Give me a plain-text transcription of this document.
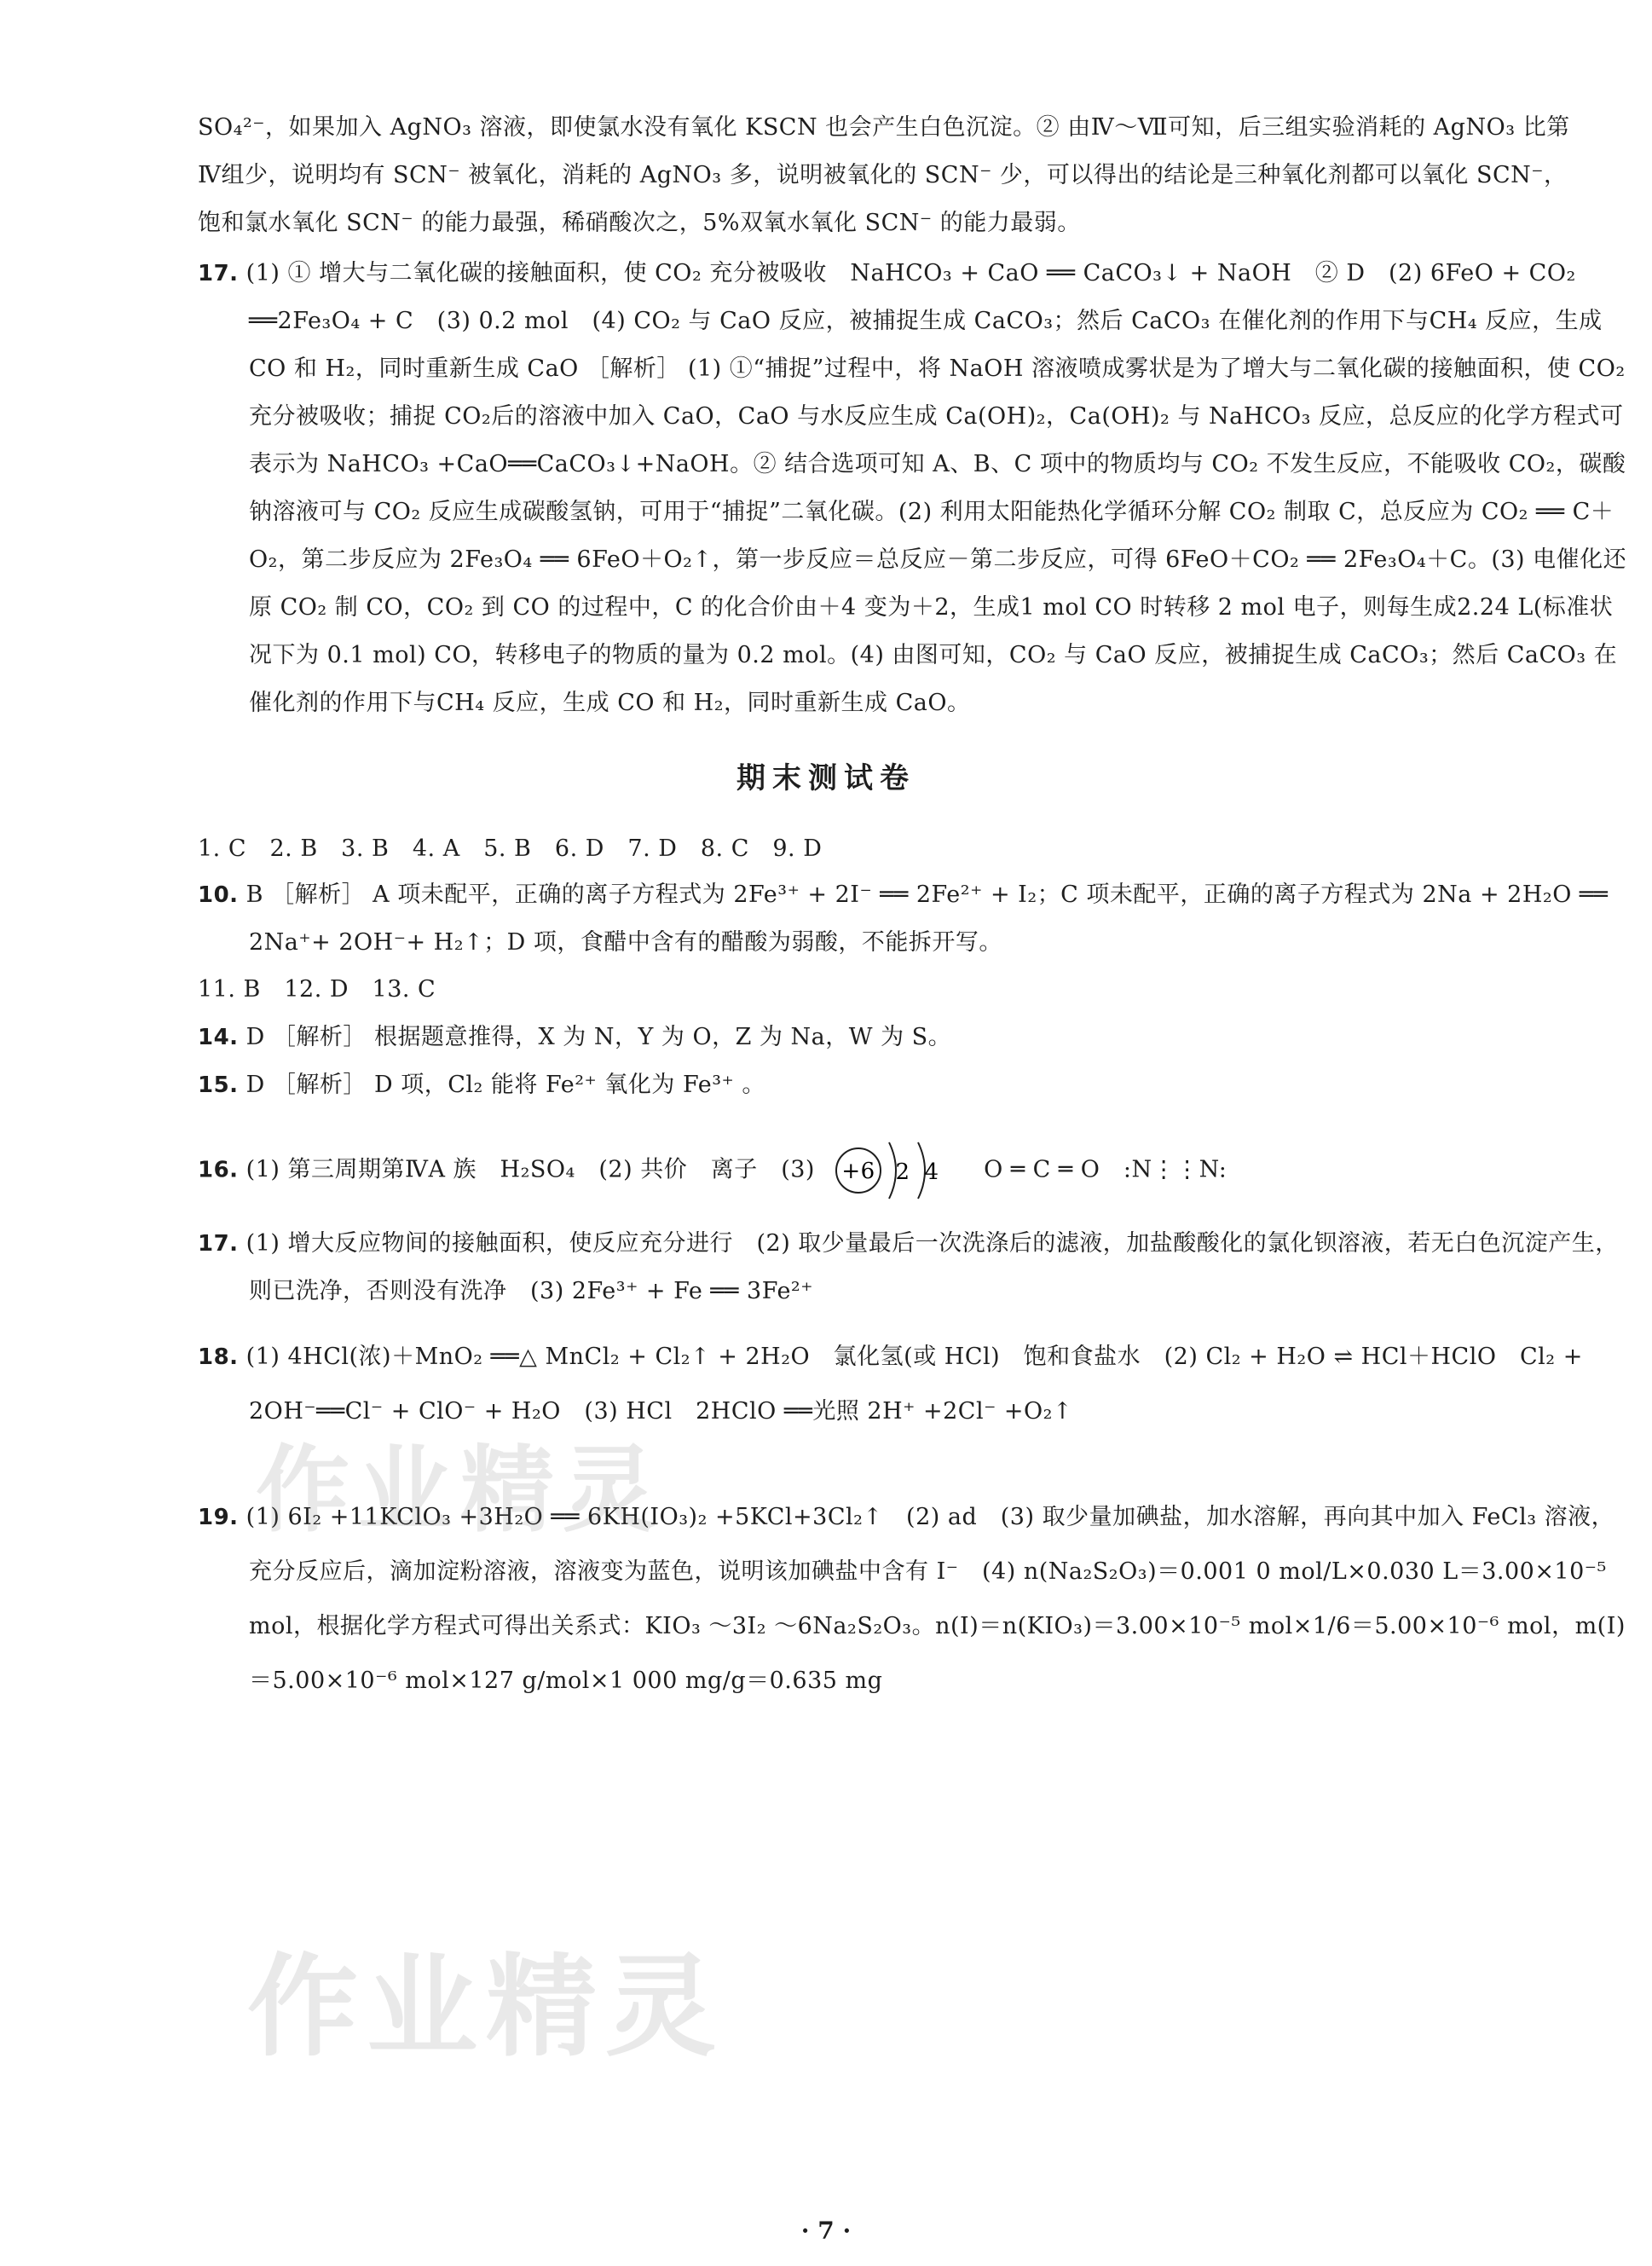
SO₄²⁻，如果加入 AgNO₃ 溶液，即使氯水没有氧化 KSCN 也会产生白色沉淀。② 由Ⅳ～Ⅶ可知，后三组实验消耗的 AgNO₃ 比第Ⅳ组少，说明均有 SCN⁻ 被氧化，消耗的 AgNO₃ 多，说明被氧化的 SCN⁻ 少，可以得出的结论是三种氧化剂都可以氧化 SCN⁻，饱和氯水氧化 SCN⁻ 的能力最强，稀硝酸次之，5%双氧水氧化 SCN⁻ 的能力最弱。
17. (1) ① 增大与二氧化碳的接触面积，使 CO₂ 充分被吸收　NaHCO₃ + CaO ══ CaCO₃↓ + NaOH　② D　(2) 6FeO + CO₂ ══2Fe₃O₄ + C　(3) 0.2 mol　(4) CO₂ 与 CaO 反应，被捕捉生成 CaCO₃；然后 CaCO₃ 在催化剂的作用下与CH₄ 反应，生成 CO 和 H₂，同时重新生成 CaO ［解析］ (1) ①“捕捉”过程中，将 NaOH 溶液喷成雾状是为了增大与二氧化碳的接触面积，使 CO₂ 充分被吸收；捕捉 CO₂后的溶液中加入 CaO，CaO 与水反应生成 Ca(OH)₂，Ca(OH)₂ 与 NaHCO₃ 反应，总反应的化学方程式可表示为 NaHCO₃ +CaO══CaCO₃↓+NaOH。② 结合选项可知 A、B、C 项中的物质均与 CO₂ 不发生反应，不能吸收 CO₂，碳酸钠溶液可与 CO₂ 反应生成碳酸氢钠，可用于“捕捉”二氧化碳。(2) 利用太阳能热化学循环分解 CO₂ 制取 C，总反应为 CO₂ ══ C＋O₂，第二步反应为 2Fe₃O₄ ══ 6FeO＋O₂↑，第一步反应＝总反应－第二步反应，可得 6FeO＋CO₂ ══ 2Fe₃O₄＋C。(3) 电催化还原 CO₂ 制 CO，CO₂ 到 CO 的过程中，C 的化合价由＋4 变为＋2，生成1 mol CO 时转移 2 mol 电子，则每生成2.24 L(标准状况下为 0.1 mol) CO，转移电子的物质的量为 0.2 mol。(4) 由图可知，CO₂ 与 CaO 反应，被捕捉生成 CaCO₃；然后 CaCO₃ 在催化剂的作用下与CH₄ 反应，生成 CO 和 H₂，同时重新生成 CaO。
期末测试卷
1. C　2. B　3. B　4. A　5. B　6. D　7. D　8. C　9. D
10. B ［解析］ A 项未配平，正确的离子方程式为 2Fe³⁺ + 2I⁻ ══ 2Fe²⁺ + I₂；C 项未配平，正确的离子方程式为 2Na + 2H₂O ══ 2Na⁺+ 2OH⁻+ H₂↑；D 项，食醋中含有的醋酸为弱酸，不能拆开写。
11. B　12. D　13. C
14. D ［解析］ 根据题意推得，X 为 N，Y 为 O，Z 为 Na，W 为 S。
15. D ［解析］ D 项，Cl₂ 能将 Fe²⁺ 氧化为 Fe³⁺ 。
16. (1) 第三周期第ⅣA 族　H₂SO₄　(2) 共价　离子　(3) +6 2 4 O ═ C ═ O　:N⋮⋮N:
17. (1) 增大反应物间的接触面积，使反应充分进行　(2) 取少量最后一次洗涤后的滤液，加盐酸酸化的氯化钡溶液，若无白色沉淀产生，则已洗净，否则没有洗净　(3) 2Fe³⁺ + Fe ══ 3Fe²⁺
18. (1) 4HCl(浓)＋MnO₂ ══△ MnCl₂ + Cl₂↑ + 2H₂O　氯化氢(或 HCl)　饱和食盐水　(2) Cl₂ + H₂O ⇌ HCl＋HClO　Cl₂ + 2OH⁻══Cl⁻ + ClO⁻ + H₂O　(3) HCl　2HClO ══光照 2H⁺ +2Cl⁻ +O₂↑
19. (1) 6I₂ +11KClO₃ +3H₂O ══ 6KH(IO₃)₂ +5KCl+3Cl₂↑　(2) ad　(3) 取少量加碘盐，加水溶解，再向其中加入 FeCl₃ 溶液，充分反应后，滴加淀粉溶液，溶液变为蓝色，说明该加碘盐中含有 I⁻　(4) n(Na₂S₂O₃)＝0.001 0 mol/L×0.030 L＝3.00×10⁻⁵ mol，根据化学方程式可得出关系式：KIO₃ ～3I₂ ～6Na₂S₂O₃。n(I)＝n(KIO₃)＝3.00×10⁻⁵ mol×1/6＝5.00×10⁻⁶ mol，m(I)＝5.00×10⁻⁶ mol×127 g/mol×1 000 mg/g＝0.635 mg
作业精灵
作业精灵
· 7 ·
